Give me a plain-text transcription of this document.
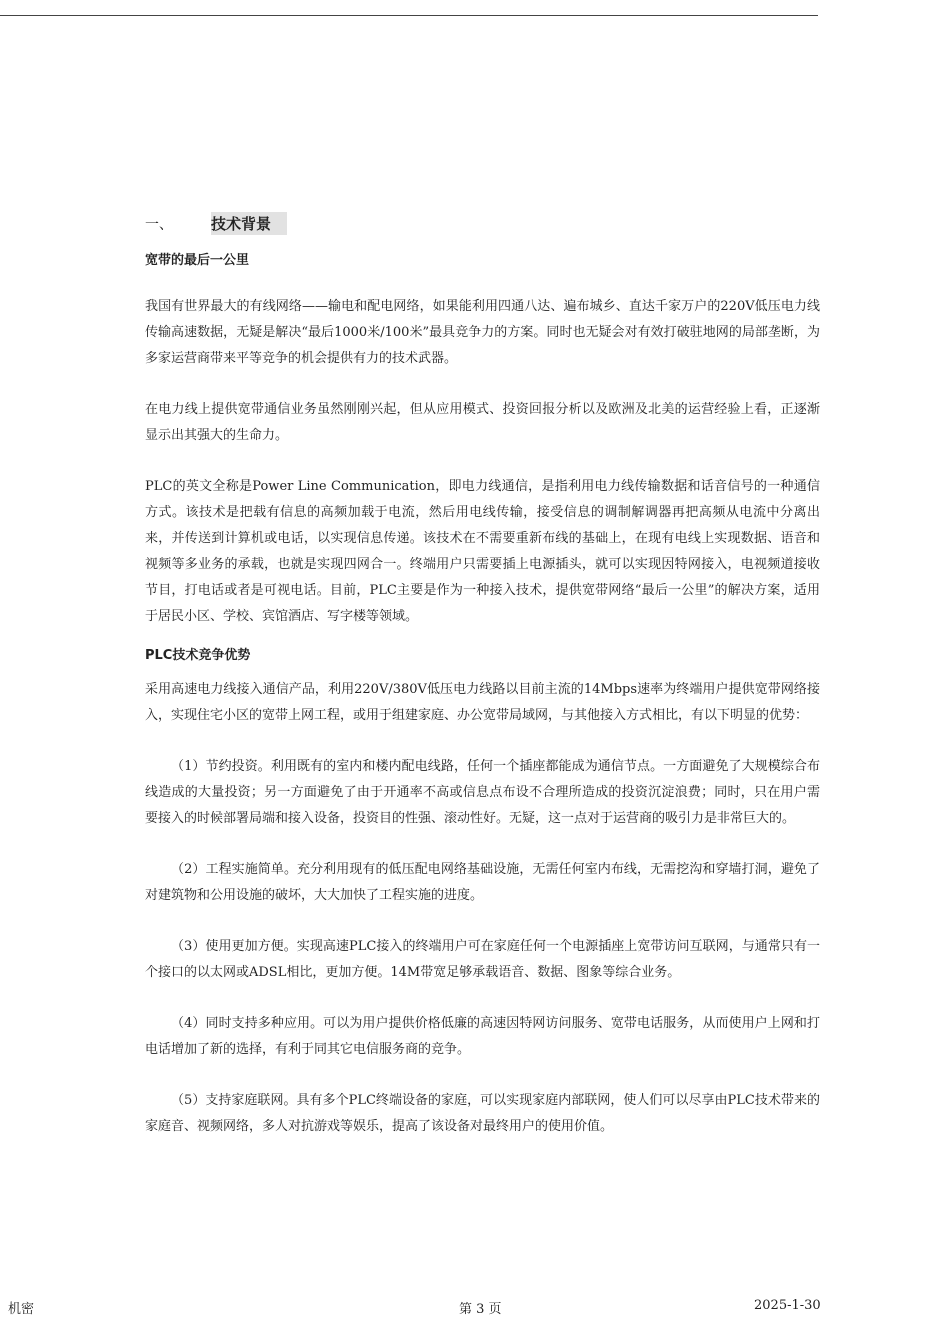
一、	技术背景
宽带的最后一公里

我国有世界最大的有线网络——输电和配电网络，如果能利用四通八达、遍布城乡、直达千家万户的220V低压电力线传输高速数据，无疑是解决“最后1000米/100米”最具竞争力的方案。同时也无疑会对有效打破驻地网的局部垄断，为多家运营商带来平等竞争的机会提供有力的技术武器。

在电力线上提供宽带通信业务虽然刚刚兴起，但从应用模式、投资回报分析以及欧洲及北美的运营经验上看，正逐渐显示出其强大的生命力。

PLC的英文全称是Power Line Communication，即电力线通信，是指利用电力线传输数据和话音信号的一种通信方式。该技术是把载有信息的高频加载于电流，然后用电线传输，接受信息的调制解调器再把高频从电流中分离出来，并传送到计算机或电话，以实现信息传递。该技术在不需要重新布线的基础上，在现有电线上实现数据、语音和视频等多业务的承载，也就是实现四网合一。终端用户只需要插上电源插头，就可以实现因特网接入，电视频道接收节目，打电话或者是可视电话。目前，PLC主要是作为一种接入技术，提供宽带网络“最后一公里”的解决方案，适用于居民小区、学校、宾馆酒店、写字楼等领域。

PLC技术竞争优势

采用高速电力线接入通信产品，利用220V/380V低压电力线路以目前主流的14Mbps速率为终端用户提供宽带网络接入，实现住宅小区的宽带上网工程，或用于组建家庭、办公宽带局域网，与其他接入方式相比，有以下明显的优势：

（1）节约投资。利用既有的室内和楼内配电线路，任何一个插座都能成为通信节点。一方面避免了大规模综合布线造成的大量投资；另一方面避免了由于开通率不高或信息点布设不合理所造成的投资沉淀浪费；同时，只在用户需要接入的时候部署局端和接入设备，投资目的性强、滚动性好。无疑，这一点对于运营商的吸引力是非常巨大的。

（2）工程实施简单。充分利用现有的低压配电网络基础设施，无需任何室内布线，无需挖沟和穿墙打洞，避免了对建筑物和公用设施的破坏，大大加快了工程实施的进度。

（3）使用更加方便。实现高速PLC接入的终端用户可在家庭任何一个电源插座上宽带访问互联网，与通常只有一个接口的以太网或ADSL相比，更加方便。14M带宽足够承载语音、数据、图象等综合业务。

（4）同时支持多种应用。可以为用户提供价格低廉的高速因特网访问服务、宽带电话服务，从而使用户上网和打电话增加了新的选择，有利于同其它电信服务商的竞争。

（5）支持家庭联网。具有多个PLC终端设备的家庭，可以实现家庭内部联网，使人们可以尽享由PLC技术带来的家庭音、视频网络，多人对抗游戏等娱乐，提高了该设备对最终用户的使用价值。

机密	第 3 页	2025-1-30
